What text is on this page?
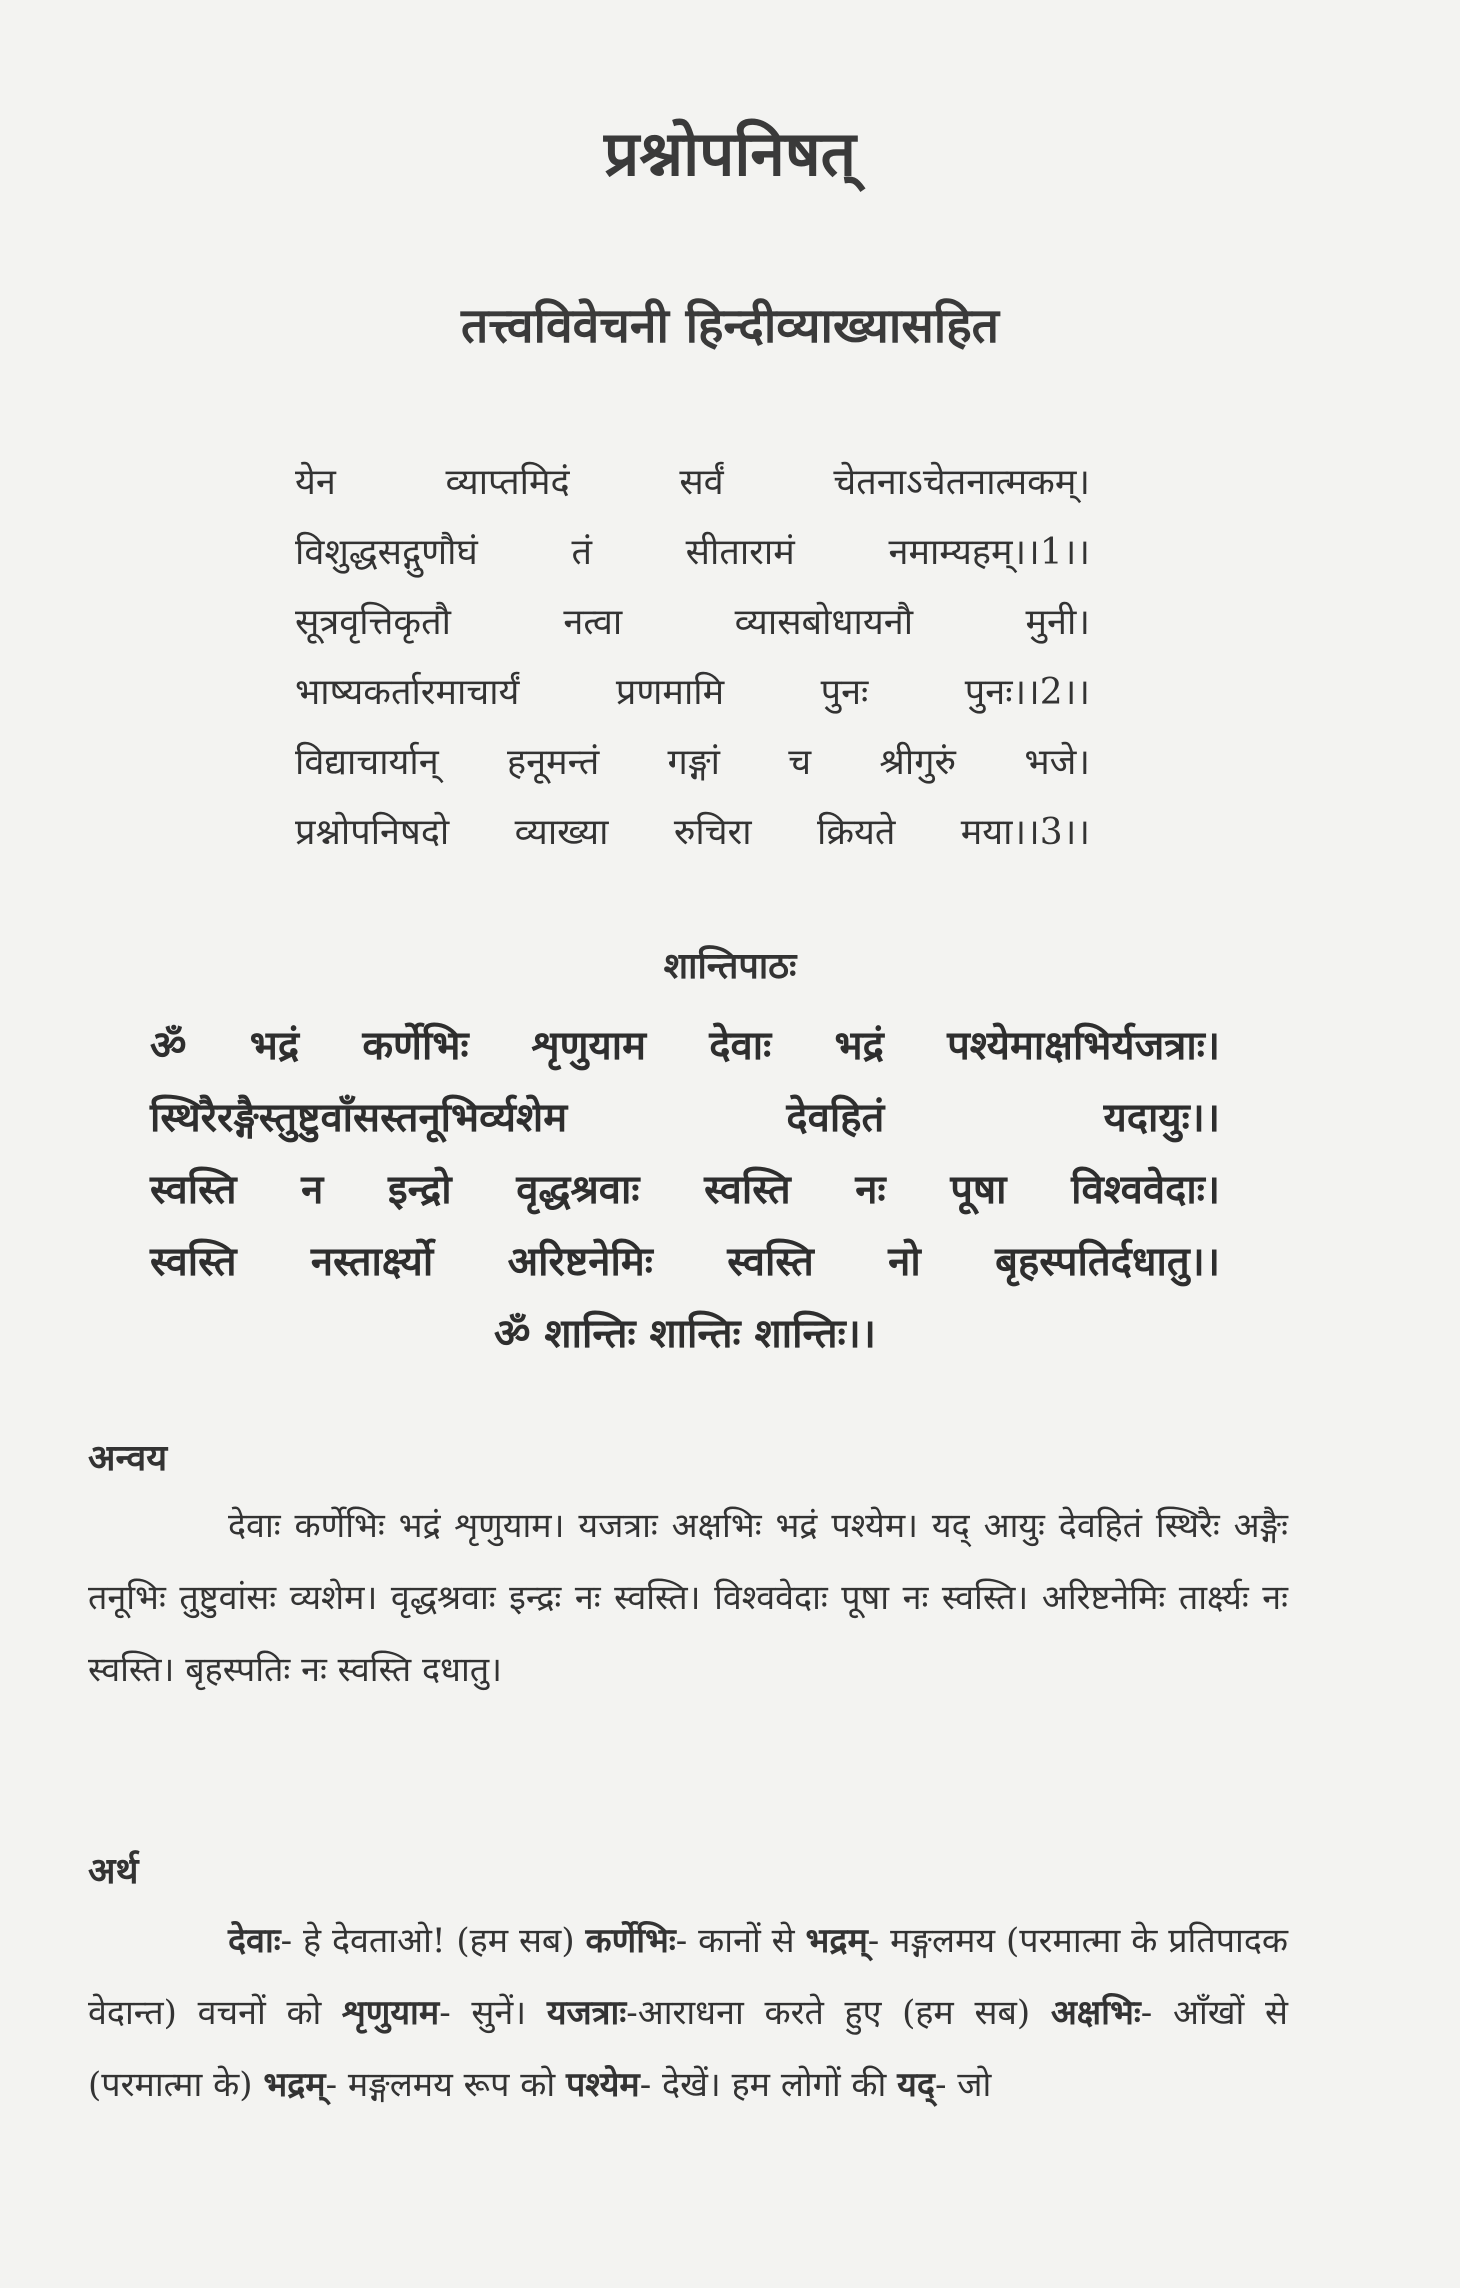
प्रश्नोपनिषत्
तत्त्वविवेचनी हिन्दीव्याख्यासहित
येन व्याप्तमिदं सर्वं चेतनाऽचेतनात्मकम्।
विशुद्धसद्गुणौघं तं सीतारामं नमाम्यहम्।।1।।
सूत्रवृत्तिकृतौ नत्वा व्यासबोधायनौ मुनी।
भाष्यकर्तारमाचार्यं प्रणमामि पुनः पुनः।।2।।
विद्याचार्यान् हनूमन्तं गङ्गां च श्रीगुरुं भजे।
प्रश्नोपनिषदो व्याख्या रुचिरा क्रियते मया।।3।।
शान्तिपाठः
ॐ भद्रं कर्णेभिः शृणुयाम देवाः भद्रं पश्येमाक्षभिर्यजत्राः।
स्थिरैरङ्गैस्तुष्टुवाँसस्तनूभिर्व्यशेम देवहितं यदायुः।।
स्वस्ति न इन्द्रो वृद्धश्रवाः स्वस्ति नः पूषा विश्ववेदाः।
स्वस्ति नस्तार्क्ष्यो अरिष्टनेमिः स्वस्ति नो बृहस्पतिर्दधातु।।
ॐ शान्तिः शान्तिः शान्तिः।।
अन्वय
देवाः कर्णेभिः भद्रं शृणुयाम। यजत्राः अक्षभिः भद्रं पश्येम। यद् आयुः देवहितं स्थिरैः अङ्गैः तनूभिः तुष्टुवांसः व्यशेम। वृद्धश्रवाः इन्द्रः नः स्वस्ति। विश्ववेदाः पूषा नः स्वस्ति। अरिष्टनेमिः तार्क्ष्यः नः स्वस्ति। बृहस्पतिः नः स्वस्ति दधातु।
अर्थ
देवाः- हे देवताओ! (हम सब) कर्णेभिः- कानों से भद्रम्- मङ्गलमय (परमात्मा के प्रतिपादक वेदान्त) वचनों को शृणुयाम- सुनें। यजत्राः-आराधना करते हुए (हम सब) अक्षभिः- आँखों से (परमात्मा के) भद्रम्- मङ्गलमय रूप को पश्येम- देखें। हम लोगों की यद्- जो
